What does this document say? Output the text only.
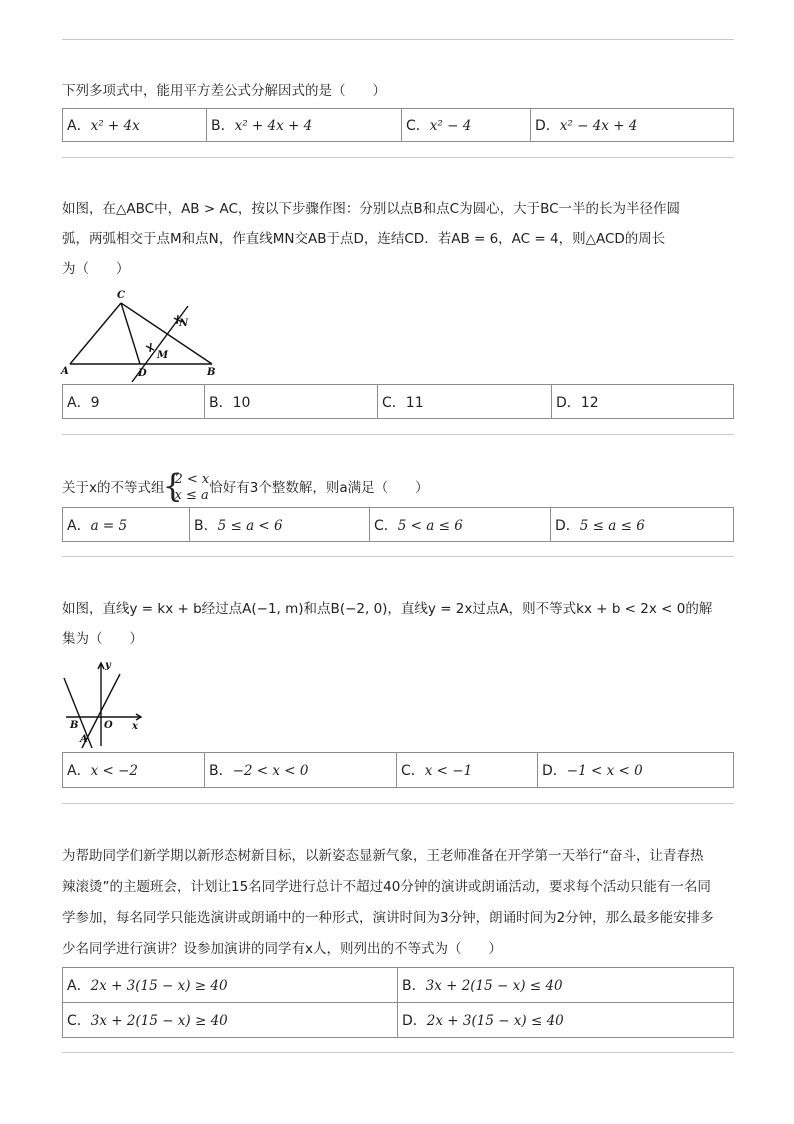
下列多项式中，能用平方差公式分解因式的是（　　）
A．x² + 4x	B．x² + 4x + 4	C．x² − 4	D．x² − 4x + 4
如图，在△ABC中，AB > AC，按以下步骤作图：分别以点B和点C为圆心，大于BC一半的长为半径作圆
弧，两弧相交于点M和点N，作直线MN交AB于点D，连结CD．若AB = 6，AC = 4，则△ACD的周长
为（　　）
A	B
C
D
M
N
A．9	B．10	C．11	D．12
关于x的不等式组
{
2 < x
x ≤ a 恰好有3个整数解，则a满足（　　）
A．a = 5	B．5 ≤ a < 6	C．5 < a ≤ 6	D．5 ≤ a ≤ 6
如图，直线y = kx + b经过点A(−1, m)和点B(−2, 0)，直线y = 2x过点A，则不等式kx + b < 2x < 0的解
集为（　　）
y
x
O
B
A
A．x < −2	B．−2 < x < 0	C．x < −1	D．−1 < x < 0
为帮助同学们新学期以新形态树新目标，以新姿态显新气象，王老师准备在开学第一天举行“奋斗，让青春热
辣滚烫”的主题班会，计划让15名同学进行总计不超过40分钟的演讲或朗诵活动，要求每个活动只能有一名同
学参加，每名同学只能选演讲或朗诵中的一种形式，演讲时间为3分钟，朗诵时间为2分钟，那么最多能安排多
少名同学进行演讲？设参加演讲的同学有x人，则列出的不等式为（　　）
A．2x + 3(15 − x) ≥ 40	B．3x + 2(15 − x) ≤ 40
C．3x + 2(15 − x) ≥ 40	D．2x + 3(15 − x) ≤ 40
